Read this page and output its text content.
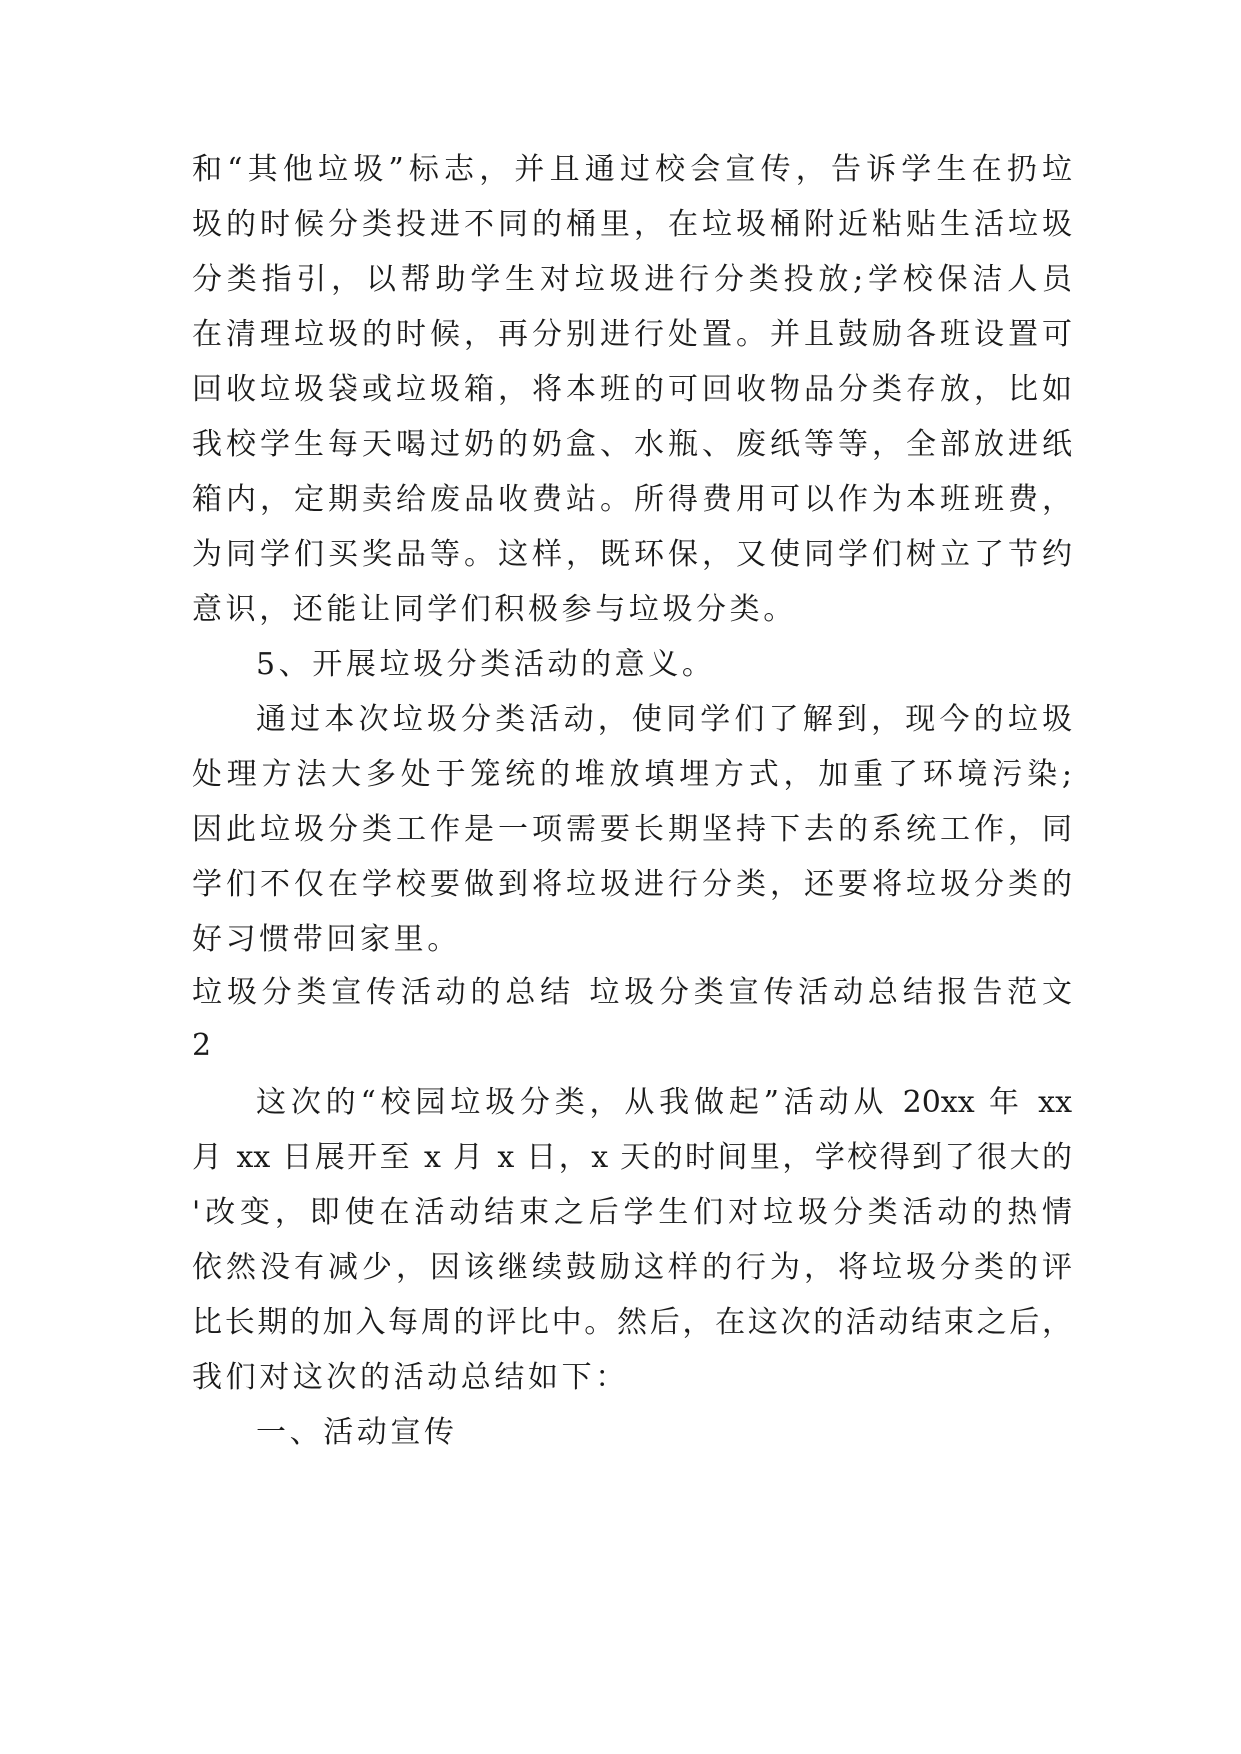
和“其他垃圾”标志，并且通过校会宣传，告诉学生在扔垃
圾的时候分类投进不同的桶里，在垃圾桶附近粘贴生活垃圾
分类指引，以帮助学生对垃圾进行分类投放;学校保洁人员
在清理垃圾的时候，再分别进行处置。并且鼓励各班设置可
回收垃圾袋或垃圾箱，将本班的可回收物品分类存放，比如
我校学生每天喝过奶的奶盒、水瓶、废纸等等，全部放进纸
箱内，定期卖给废品收费站。所得费用可以作为本班班费，
为同学们买奖品等。这样，既环保，又使同学们树立了节约
意识，还能让同学们积极参与垃圾分类。
5、开展垃圾分类活动的意义。
通过本次垃圾分类活动，使同学们了解到，现今的垃圾
处理方法大多处于笼统的堆放填埋方式，加重了环境污染;
因此垃圾分类工作是一项需要长期坚持下去的系统工作，同
学们不仅在学校要做到将垃圾进行分类，还要将垃圾分类的
好习惯带回家里。
垃圾分类宣传活动的总结 垃圾分类宣传活动总结报告范文
2
这次的“校园垃圾分类，从我做起”活动从 20xx 年 xx
月 xx 日展开至 x 月 x 日，x 天的时间里，学校得到了很大的
'改变，即使在活动结束之后学生们对垃圾分类活动的热情
依然没有减少，因该继续鼓励这样的行为，将垃圾分类的评
比长期的加入每周的评比中。然后，在这次的活动结束之后，
我们对这次的活动总结如下：
一、活动宣传
